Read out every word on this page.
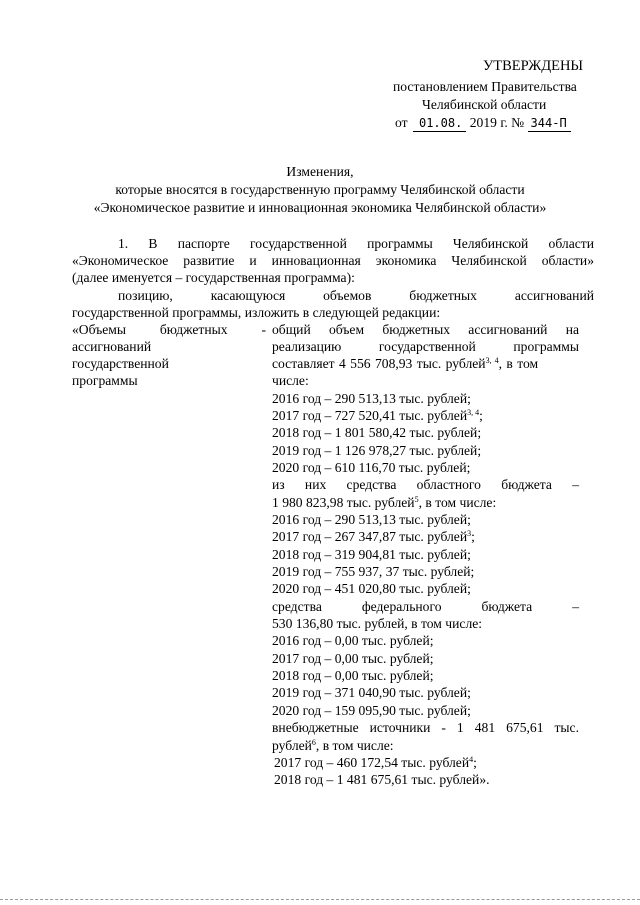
УТВЕРЖДЕНЫ
постановлением Правительства
Челябинской области
от 01.08. 2019 г. № 344-П
Изменения,
которые вносятся в государственную программу Челябинской области
«Экономическое развитие и инновационная экономика Челябинской области»
1. В паспорте государственной программы Челябинской области
«Экономическое развитие и инновационная экономика Челябинской области»
(далее именуется – государственная программа):
позицию, касающуюся объемов бюджетных ассигнований
государственной программы, изложить в следующей редакции:
«Объемы бюджетных -
ассигнований
государственной
программы
общий объем бюджетных ассигнований на
реализацию государственной программы
составляет 4 556 708,93 тыс. рублей$^{3, 4}$, в том
числе:
2016 год – 290 513,13 тыс. рублей;
2017 год – 727 520,41 тыс. рублей$^{3, 4}$;
2018 год – 1 801 580,42 тыс. рублей;
2019 год – 1 126 978,27 тыс. рублей;
2020 год – 610 116,70 тыс. рублей;
из них средства областного бюджета –
1 980 823,98 тыс. рублей$^5$, в том числе:
2016 год – 290 513,13 тыс. рублей;
2017 год – 267 347,87 тыс. рублей$^3$;
2018 год – 319 904,81 тыс. рублей;
2019 год – 755 937, 37 тыс. рублей;
2020 год – 451 020,80 тыс. рублей;
средства федерального бюджета –
530 136,80 тыс. рублей, в том числе:
2016 год – 0,00 тыс. рублей;
2017 год – 0,00 тыс. рублей;
2018 год – 0,00 тыс. рублей;
2019 год – 371 040,90 тыс. рублей;
2020 год – 159 095,90 тыс. рублей;
внебюджетные источники - 1 481 675,61 тыс.
рублей$^6$, в том числе:
2017 год – 460 172,54 тыс. рублей$^4$;
2018 год – 1 481 675,61 тыс. рублей».
